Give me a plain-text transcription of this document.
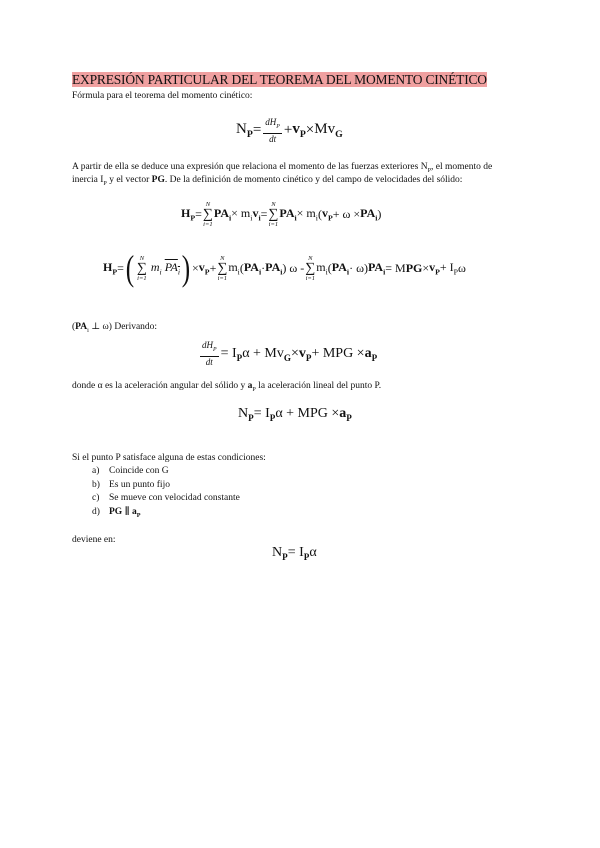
EXPRESIÓN PARTICULAR DEL TEOREMA DEL MOMENTO CINÉTICO
Fórmula para el teorema del momento cinético:
$N_P = \frac{dH_P}{dt} + v_P \times Mv_G$
A partir de ella se deduce una expresión que relaciona el momento de las fuerzas exteriores $N_P$, el momento de
inercia $I_P$ y el vector PG. De la definición de momento cinético y del campo de velocidades del sólido:
$H_P$ =
N
∑
i=1
$PA_i \times m_i$ $v_i$ =
N
∑
i=1
$PA_i \times m_i$ ( $v_P + \omega \times PA_i$ )
$H_P$ = ( N
∑
i=1
$m_i$ $PA_i$ ) × $v_P$ +
N
∑
i=1
$m_i$ ( $PA_i \cdot PA_i$ ) ω -
N
∑
i=1
$m_i$ ( $PA_i \cdot \omega$) $PA_i = M$ PG × $v_P + I_P$ ω
($PA_i$ ⊥ ω) Derivando:
$\frac{dH_P}{dt} = I_P$ $\alpha + Mv_G \times v_P$ + MPG × $a_P$
donde α es la aceleración angular del sólido y $a_P$ la aceleración lineal del punto P.
$N_P = I_P$ α + MPG × $a_P$
Si el punto P satisface alguna de estas condiciones:
a)	Coincide con G
b) Es un punto fijo
c)	Se mueve con velocidad constante
d) PG ∥ $a_P$
deviene en:
$N_P = I_P$ α
